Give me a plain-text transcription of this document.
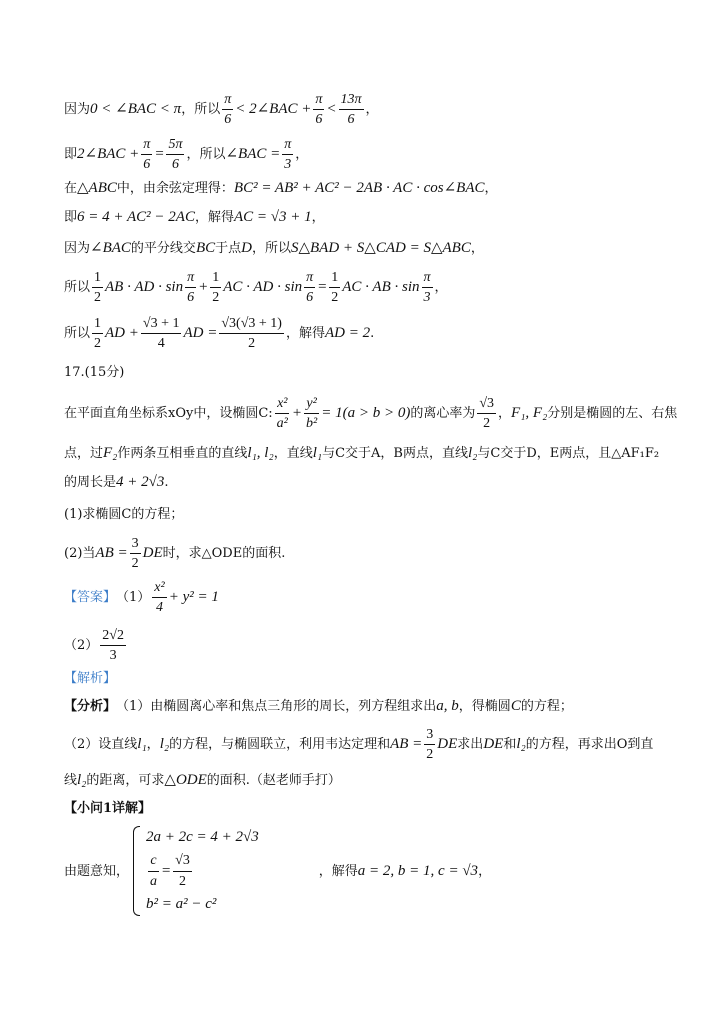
因为 0 < ∠BAC < π ，所以
π
6
< 2∠BAC + $\frac{\pi}{6}$ <
13π
6
，
即 2∠BAC + $\frac{\pi}{6} = \frac{5\pi}{6}$ ，所以 ∠BAC = $\frac{\pi}{3}$ ，
在 △ABC 中，由余弦定理得： BC² = AB² + AC² − 2AB · AC · cos∠BAC ，
即 6 = 4 + AC² − 2AC ，解得 AC = √3 + 1 ，
因为 ∠BAC 的平分线交 BC 于点 D ，所以 S△BAD + S△CAD = S△ABC ，
所以
1
2
AB · AD · sin
π
6
+ $\frac{1}{2}$ AC · AD · $\sin \frac{\pi}{6} = \frac{1}{2}$ AC · AB · sin
π
3
，
所以
1
2
AD + $\frac{√3 + 1}{4}$ AD = $\frac{√3(√3 + 1)}{2}$ ，解得 AD = 2 .
17.(15分)
在平面直角坐标系xOy中，设椭圆C:
x²
a²
+ $\frac{\text{y²}}{\text{b²}} = 1(a > b > 0)$ 的离心率为
√3
2
， F₁, F₂ 分别是椭圆的左、右焦
点，过 F₂ 作两条互相垂直的直线 l₁, l₂ ，直线 l₁ 与C交于A，B两点，直线 l₂ 与C交于D，E两点，且△AF₁F₂
的周长是 4 + 2√3 .
(1)求椭圆C的方程；
(2)当 AB = $\frac{3}{2}$ DE 时，求△ODE的面积.
【答案】 （1）
x²
4
+ y² = 1
（2）
2√2
3
【解析】
【分析】 （1）由椭圆离心率和焦点三角形的周长，列方程组求出 a, b ，得椭圆 C 的方程；
（2）设直线 l₁ ， l₂ 的方程，与椭圆联立，利用韦达定理和 AB = $\frac{3}{2}$ DE 求出 DE 和 l₂ 的方程，再求出O到直
线 l₂ 的距离，可求 △ODE 的面积.（赵老师手打）
【小问1详解】
由题意知，
2a + 2c = 4 + 2√3
$\frac{c}{a} = \frac{√3}{2}$
b² = a² − c²
，解得 a = 2, b = 1, c = √3 ，
